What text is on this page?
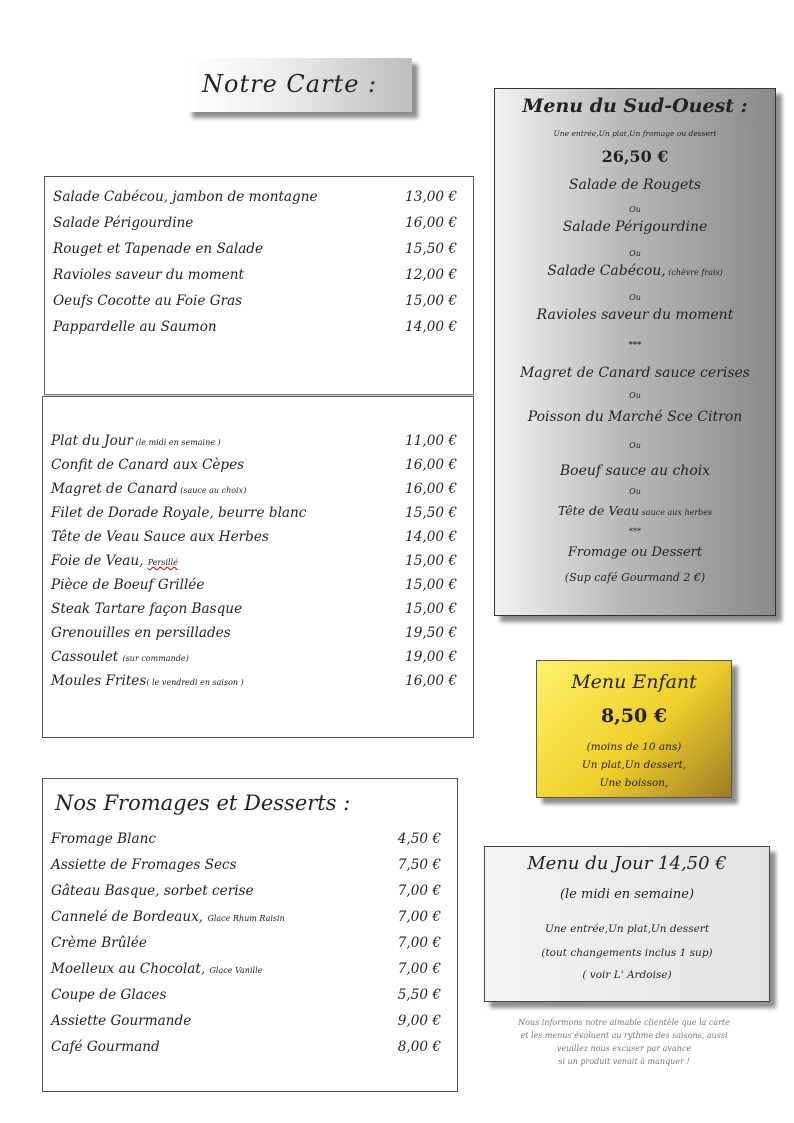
Notre Carte :
Salade Cabécou, jambon de montagne	13,00 €
Salade Périgourdine	16,00 €
Rouget et Tapenade en Salade	15,50 €
Ravioles saveur du moment	12,00 €
Oeufs Cocotte au Foie Gras	15,00 €
Pappardelle au Saumon	14,00 €
Plat du Jour (le midi en semaine )	11,00 €
Confit de Canard aux Cèpes	16,00 €
Magret de Canard (sauce au choix)	16,00 €
Filet de Dorade Royale, beurre blanc	15,50 €
Tête de Veau Sauce aux Herbes	14,00 €
Foie de Veau, Persillé	15,00 €
Pièce de Boeuf Grillée	15,00 €
Steak Tartare façon Basque	15,00 €
Grenouilles en persillades	19,50 €
Cassoulet (sur commande)	19,00 €
Moules Frites( le vendredi en saison )	16,00 €
Nos Fromages et Desserts :
Fromage Blanc	4,50 €
Assiette de Fromages Secs	7,50 €
Gâteau Basque, sorbet cerise	7,00 €
Cannelé de Bordeaux, Glace Rhum Raisin	7,00 €
Crème Brûlée	7,00 €
Moelleux au Chocolat, Glace Vanille	7,00 €
Coupe de Glaces	5,50 €
Assiette Gourmande	9,00 €
Café Gourmand	8,00 €
Menu du Sud-Ouest :
Une entrée,Un plat,Un fromage ou dessert
26,50 €
Salade de Rougets
Ou
Salade Périgourdine
Ou
Salade Cabécou, (chèvre frais)
Ou
Ravioles saveur du moment
***
Magret de Canard sauce cerises
Ou
Poisson du Marché Sce Citron
Ou
Boeuf sauce au choix
Ou
Tête de Veau sauce aux herbes
***
Fromage ou Dessert
(Sup café Gourmand 2 €)
Menu Enfant
8,50 €
(moins de 10 ans)
Un plat,Un dessert,
Une boisson,
Menu du Jour 14,50 €
(le midi en semaine)
Une entrée,Un plat,Un dessert
(tout changements inclus 1 sup)
( voir L' Ardoise)
Nous informons notre aimable clientèle que la carte
et les menus évoluent au rythme des saisons, aussi
veuillez nous excuser par avance
si un produit venait à manquer !
